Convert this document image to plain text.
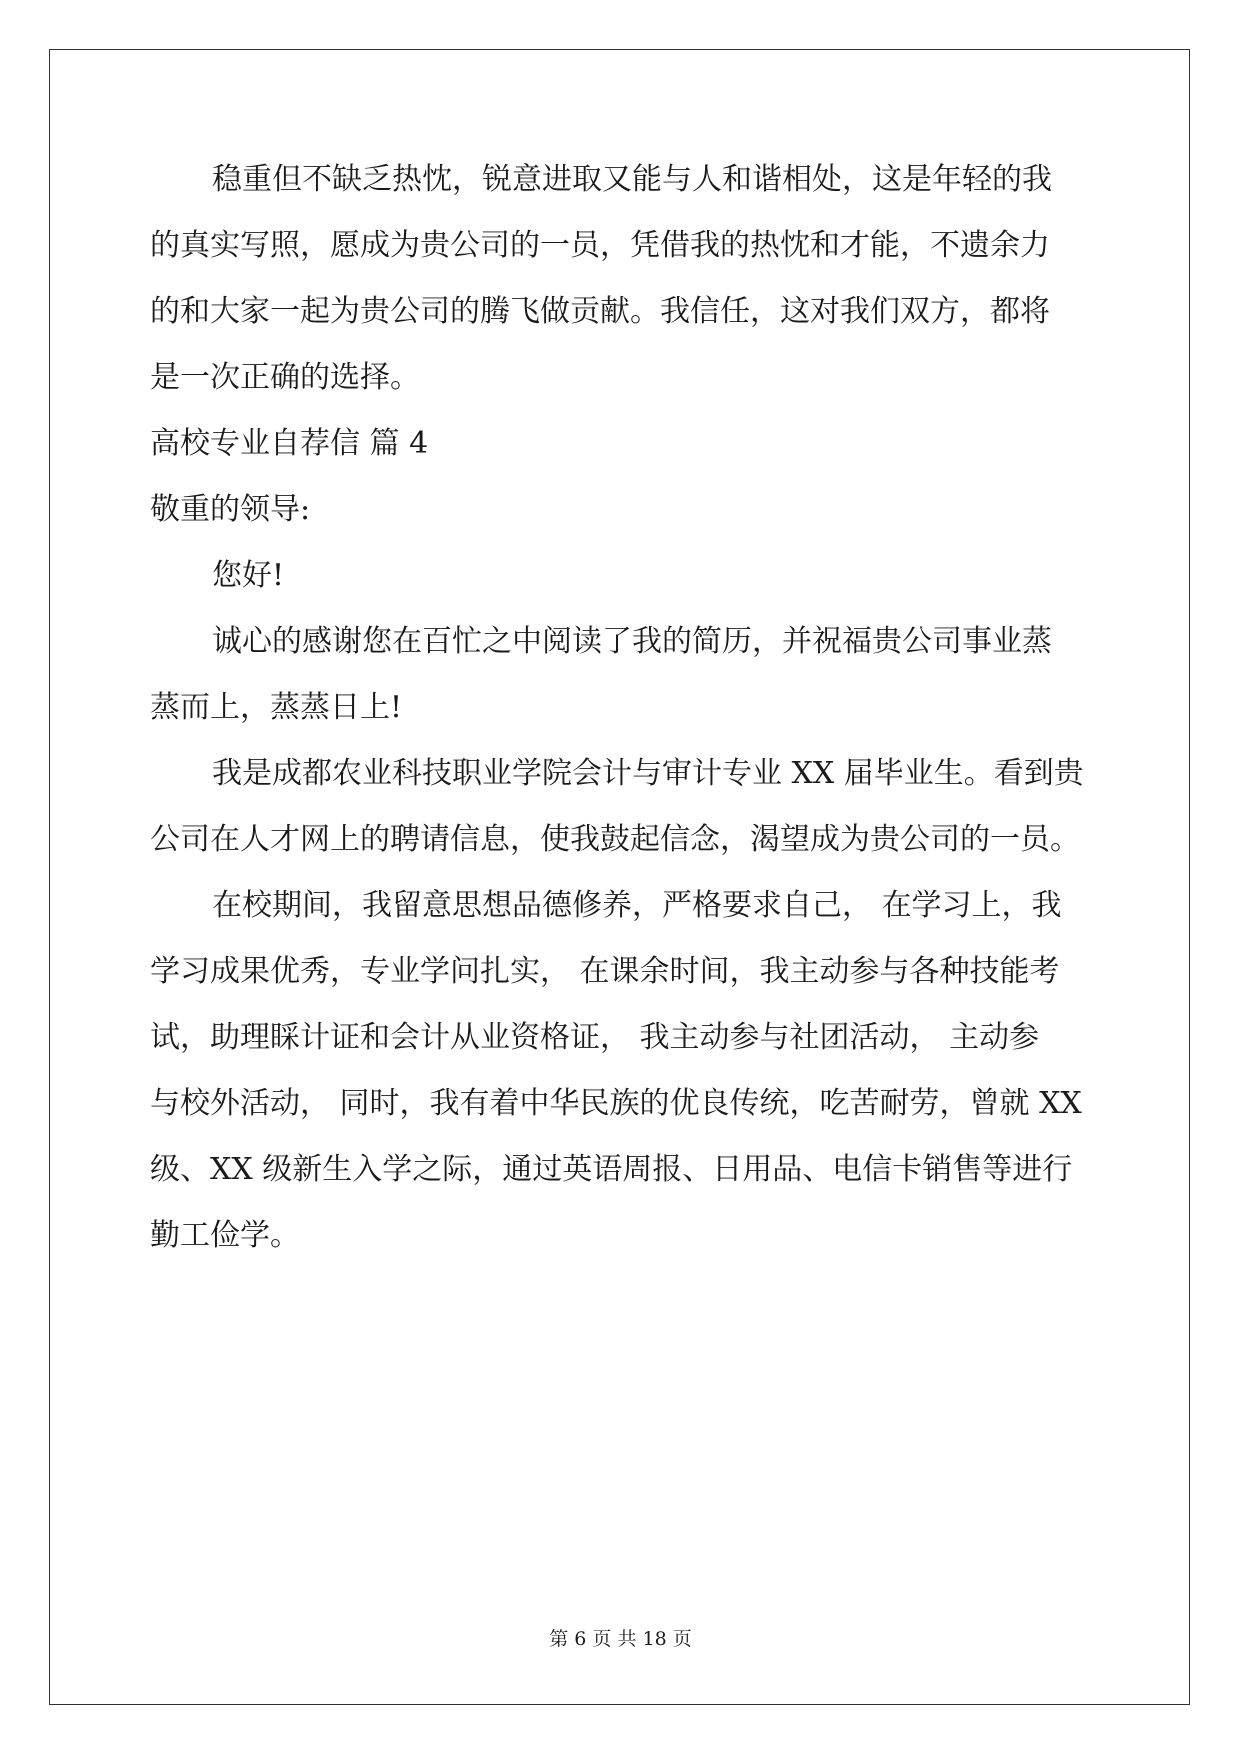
稳重但不缺乏热忱，锐意进取又能与人和谐相处，这是年轻的我
的真实写照，愿成为贵公司的一员，凭借我的热忱和才能，不遗余力
的和大家一起为贵公司的腾飞做贡献。我信任，这对我们双方，都将
是一次正确的选择。
高校专业自荐信 篇 4
敬重的领导:
您好!
诚心的感谢您在百忙之中阅读了我的简历，并祝福贵公司事业蒸
蒸而上，蒸蒸日上!
我是成都农业科技职业学院会计与审计专业 XX 届毕业生。看到贵
公司在人才网上的聘请信息，使我鼓起信念，渴望成为贵公司的一员。
在校期间，我留意思想品德修养，严格要求自己， 在学习上，我
学习成果优秀，专业学问扎实， 在课余时间，我主动参与各种技能考
试，助理睬计证和会计从业资格证， 我主动参与社团活动， 主动参
与校外活动， 同时，我有着中华民族的优良传统，吃苦耐劳，曾就 XX
级、XX 级新生入学之际，通过英语周报、日用品、电信卡销售等进行
勤工俭学。
第 6 页 共 18 页
